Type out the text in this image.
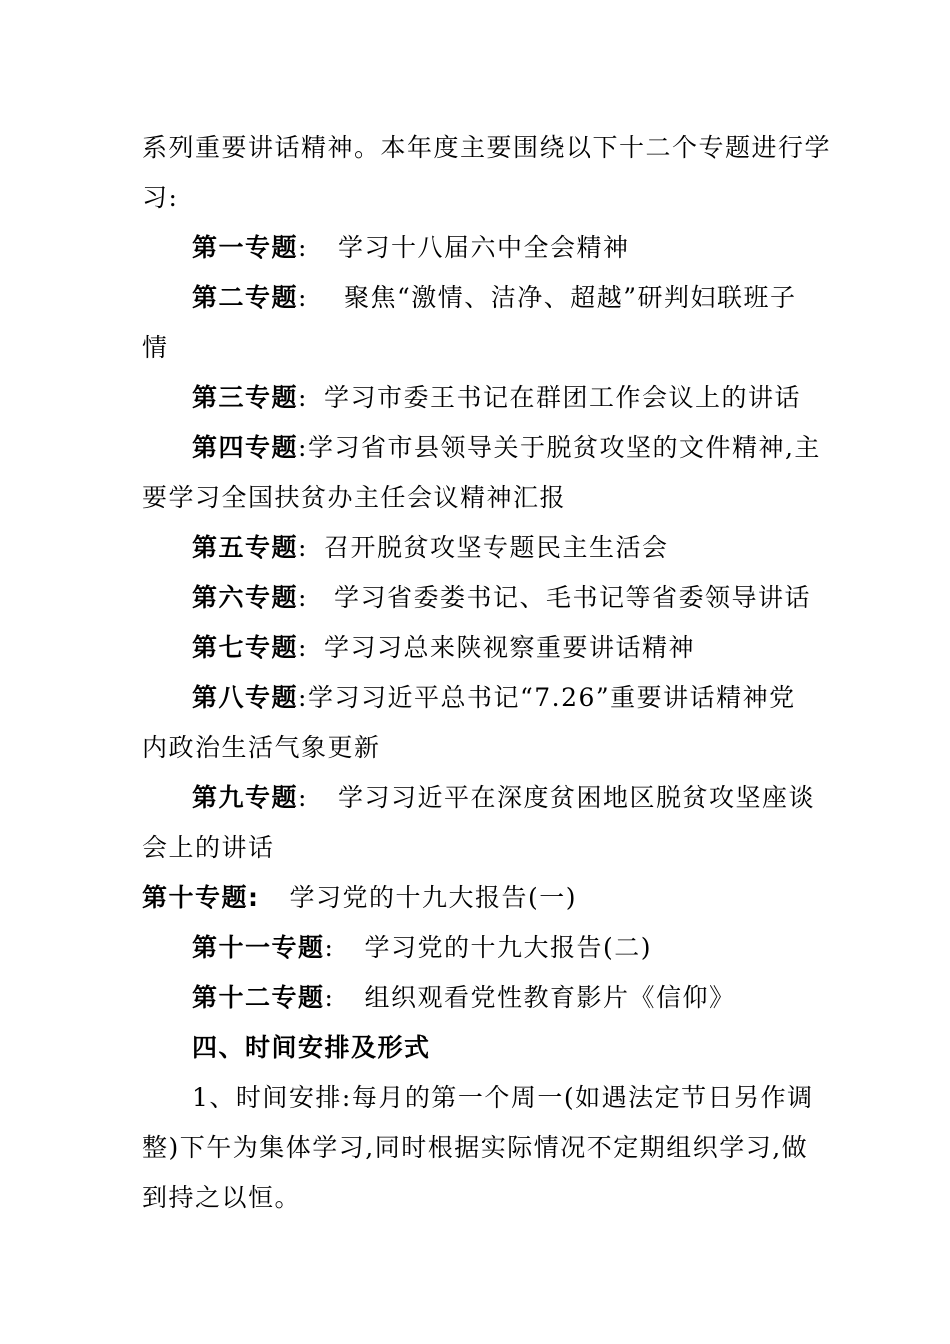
系列重要讲话精神。本年度主要围绕以下十二个专题进行学
习:
第一专题: 学习十八届六中全会精神
第二专题: 聚焦“激情、洁净、超越”研判妇联班子
情
第三专题: 学习市委王书记在群团工作会议上的讲话
第四专题:学习省市县领导关于脱贫攻坚的文件精神,主
要学习全国扶贫办主任会议精神汇报
第五专题: 召开脱贫攻坚专题民主生活会
第六专题: 学习省委娄书记、毛书记等省委领导讲话
第七专题: 学习习总来陕视察重要讲话精神
第八专题:学习习近平总书记“7.26”重要讲话精神党
内政治生活气象更新
第九专题: 学习习近平在深度贫困地区脱贫攻坚座谈
会上的讲话
第十专题: 学习党的十九大报告(一)
第十一专题: 学习党的十九大报告(二)
第十二专题: 组织观看党性教育影片《信仰》
四、时间安排及形式
1、时间安排:每月的第一个周一(如遇法定节日另作调
整)下午为集体学习,同时根据实际情况不定期组织学习,做
到持之以恒。
